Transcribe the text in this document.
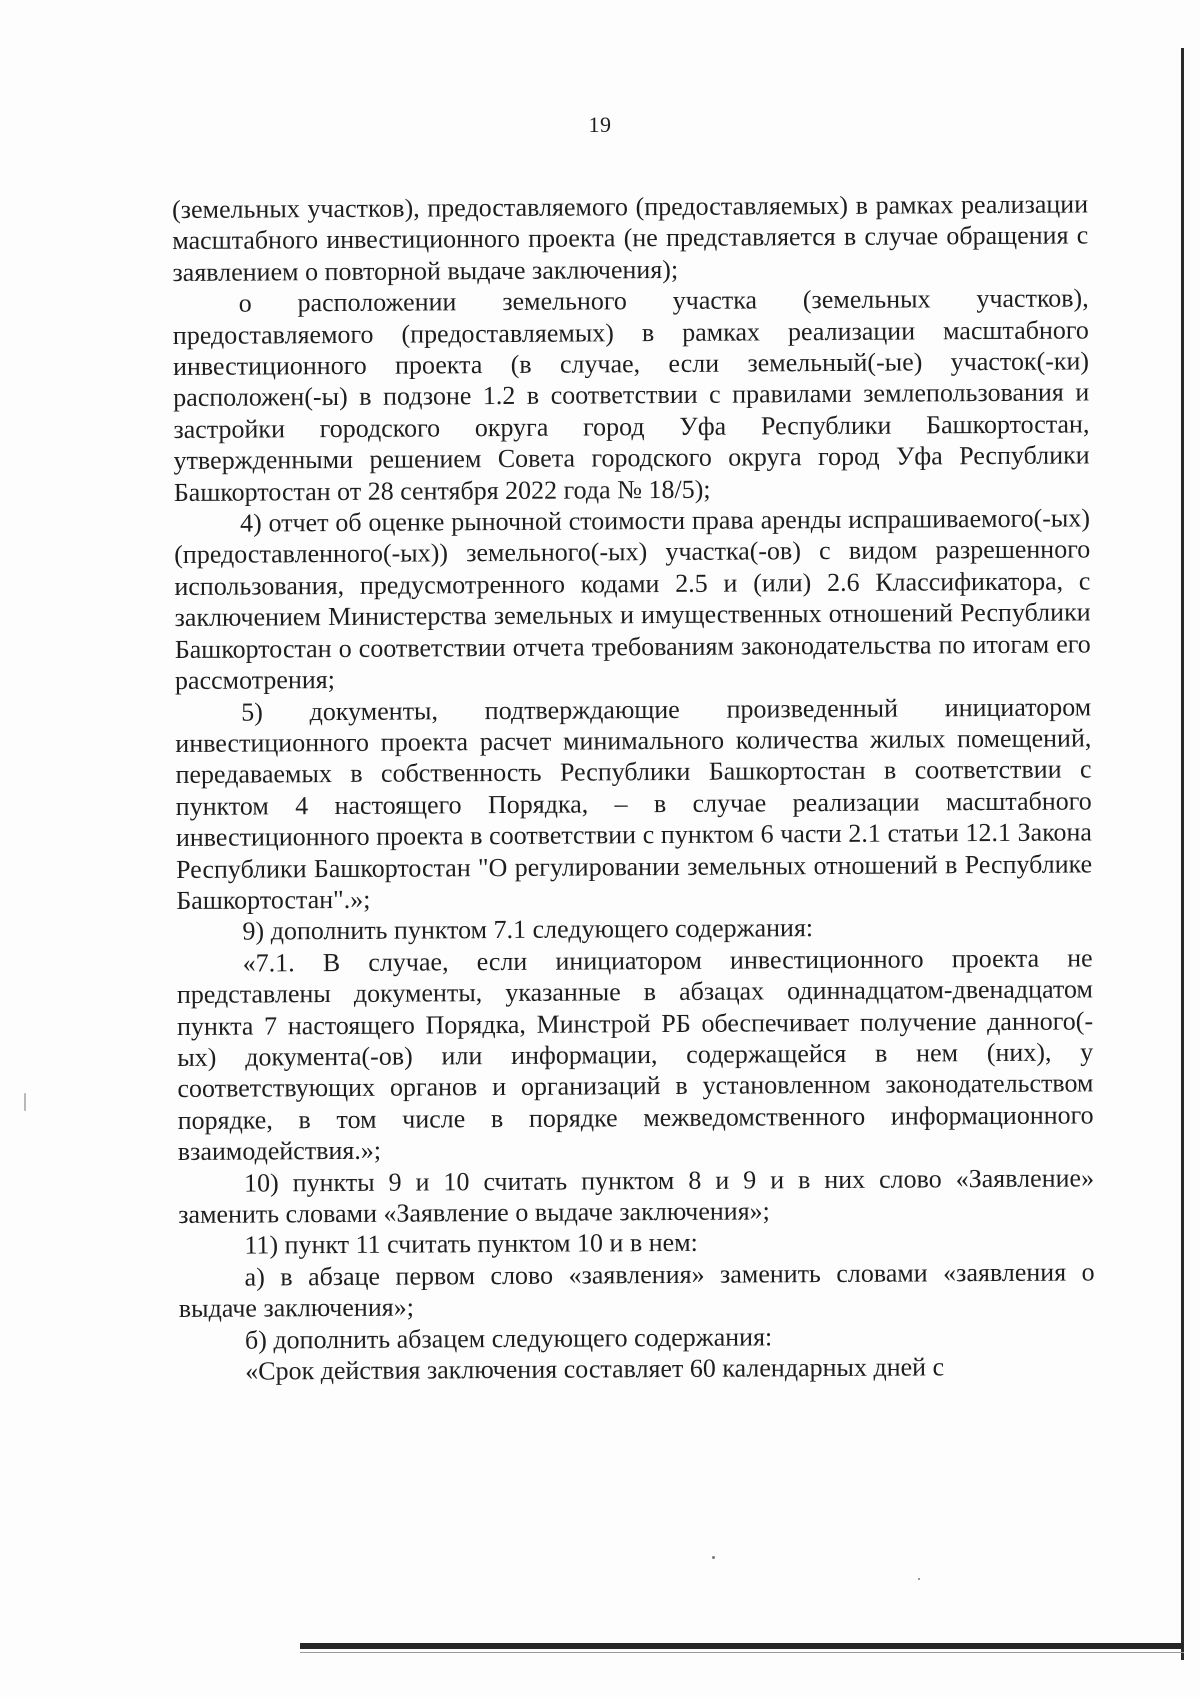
19

(земельных участков), предоставляемого (предоставляемых) в рамках реализации масштабного инвестиционного проекта (не представляется в случае обращения с заявлением о повторной выдаче заключения);

о расположении земельного участка (земельных участков), предоставляемого (предоставляемых) в рамках реализации масштабного инвестиционного проекта (в случае, если земельный(-ые) участок(-ки) расположен(-ы) в подзоне 1.2 в соответствии с правилами землепользования и застройки городского округа город Уфа Республики Башкортостан, утвержденными решением Совета городского округа город Уфа Республики Башкортостан от 28 сентября 2022 года № 18/5);

4) отчет об оценке рыночной стоимости права аренды испрашиваемого(-ых) (предоставленного(-ых)) земельного(-ых) участка(-ов) с видом разрешенного использования, предусмотренного кодами 2.5 и (или) 2.6 Классификатора, с заключением Министерства земельных и имущественных отношений Республики Башкортостан о соответствии отчета требованиям законодательства по итогам его рассмотрения;

5) документы, подтверждающие произведенный инициатором инвестиционного проекта расчет минимального количества жилых помещений, передаваемых в собственность Республики Башкортостан в соответствии с пунктом 4 настоящего Порядка, – в случае реализации масштабного инвестиционного проекта в соответствии с пунктом 6 части 2.1 статьи 12.1 Закона Республики Башкортостан "О регулировании земельных отношений в Республике Башкортостан".»;

9) дополнить пунктом 7.1 следующего содержания:

«7.1. В случае, если инициатором инвестиционного проекта не представлены документы, указанные в абзацах одиннадцатом-двенадцатом пункта 7 настоящего Порядка, Минстрой РБ обеспечивает получение данного(-ых) документа(-ов) или информации, содержащейся в нем (них), у соответствующих органов и организаций в установленном законодательством порядке, в том числе в порядке межведомственного информационного взаимодействия.»;

10) пункты 9 и 10 считать пунктом 8 и 9 и в них слово «Заявление» заменить словами «Заявление о выдаче заключения»;

11) пункт 11 считать пунктом 10 и в нем:

а) в абзаце первом слово «заявления» заменить словами «заявления о выдаче заключения»;

б) дополнить абзацем следующего содержания:

«Срок действия заключения составляет 60 календарных дней с
